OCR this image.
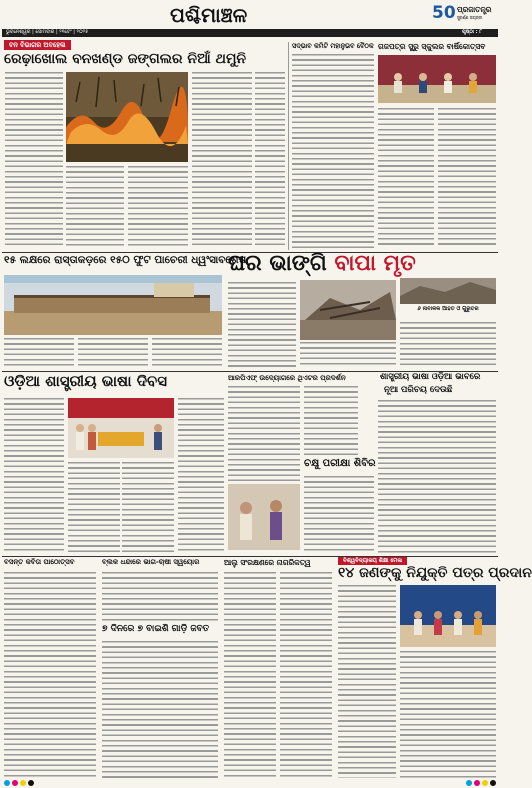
ପଶ୍ଚିମାଞ୍ଚଳ	50 ପ୍ରଜାତନ୍ତ୍ର
ସୁବର୍ଣ୍ଣ ଜୟନ୍ତୀ
ଭୁବନେଶ୍ୱର | ସୋମବାର | ୨୧ଟେଂ | ୨୦୨୫	ପୃଷ୍ଠା : ୮
ବନ ବିଭାଗର ଅବହେଳା
ରେଢ଼ାଖୋଲ ବନଖଣ୍ଡ ଜଙ୍ଗଲର ନିଆଁ ଥମୁନି
ସଦ୍ଭାବ କମିଟି ମହାନୁଭବ ବୈଠକ ଗଜପତ୍ର ସୁରୁ ସ୍କୁଲର ବାର୍ଷିକୋତ୍ସବ
୧୫ ଲକ୍ଷରେ ରାସ୍ତାକଡ଼ରେ ୧୫୦ ଫୁଟ ପାଚେରୀ ଧ୍ୱଂସାବଶେଷ
ଘର ଭାଙ୍ଗି ବାପା ମୃତ
୬ ନାବାଳକ ଆହତ ଓ ଗୁରୁତର
ଓଡ଼ିଆ ଶାସ୍ତ୍ରୀୟ ଭାଷା ଦିବସ	ଆରପିଏଫ୍ ଉଦ୍ୟୋଗରେ ଥିଏଟର ପ୍ରଦର୍ଶନ
ଚକ୍ଷୁ ପରୀକ୍ଷା ଶିବିର
ଶାସ୍ତ୍ରୀୟ ଭାଷା ଓଡ଼ିଆ ଭାବରେ
ନୂଆ ପରିଚୟ ଦେଉଛି
ବସନ୍ତ କବିତା ପାଠୋତ୍ସବ	ବ୍ଲକ ଧନ୍ଦାରେ ଭାଗ-ଚାଷୀ ସ୍ୱୟୋର
୭ ଦିନରେ ୭ ବାଇଶି ଗାଡ଼ି ଜବତ
ଆଲୁ ସଂରକ୍ଷଣରେ ନାଗରିକତ୍ୱ	ବିଶ୍ୱବିଦ୍ୟାଳୟ ଶିକ୍ଷା ମେଳା
୧୪ ଜଣଙ୍କୁ ନିଯୁକ୍ତି ପତ୍ର ପ୍ରଦାନ
